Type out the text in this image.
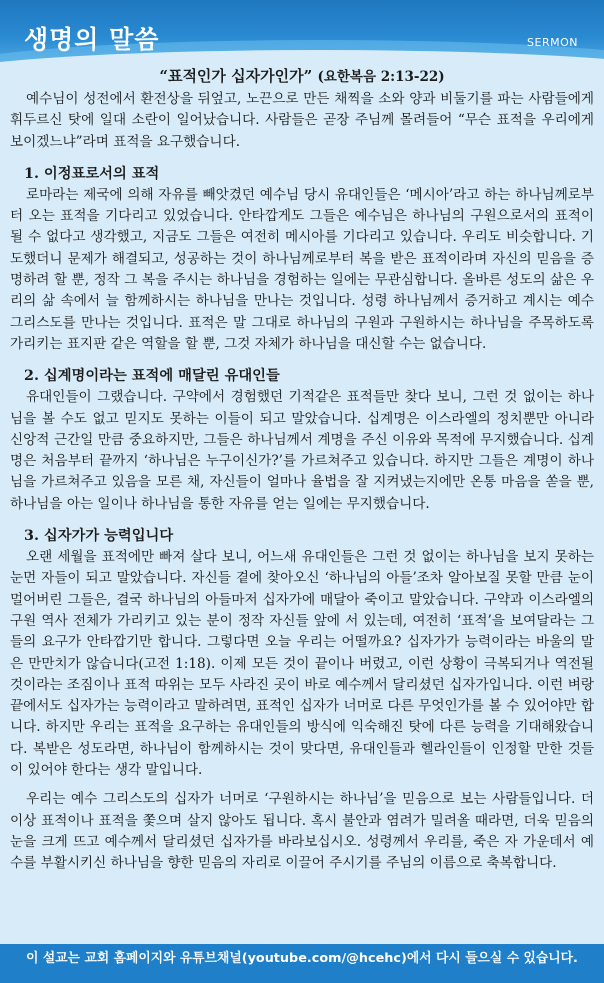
생명의 말씀	SERMON
“표적인가 십자가인가” (요한복음 2:13-22)

예수님이 성전에서 환전상을 뒤엎고, 노끈으로 만든 채찍을 소와 양과 비둘기를 파는 사람들에게 휘두르신 탓에 일대 소란이 일어났습니다. 사람들은 곧장 주님께 몰려들어 “무슨 표적을 우리에게 보이겠느냐”라며 표적을 요구했습니다.

1. 이정표로서의 표적

로마라는 제국에 의해 자유를 빼앗겼던 예수님 당시 유대인들은 ‘메시아’라고 하는 하나님께로부터 오는 표적을 기다리고 있었습니다. 안타깝게도 그들은 예수님은 하나님의 구원으로서의 표적이 될 수 없다고 생각했고, 지금도 그들은 여전히 메시아를 기다리고 있습니다. 우리도 비슷합니다. 기도했더니 문제가 해결되고, 성공하는 것이 하나님께로부터 복을 받은 표적이라며 자신의 믿음을 증명하려 할 뿐, 정작 그 복을 주시는 하나님을 경험하는 일에는 무관심합니다. 올바른 성도의 삶은 우리의 삶 속에서 늘 함께하시는 하나님을 만나는 것입니다. 성령 하나님께서 증거하고 계시는 예수 그리스도를 만나는 것입니다. 표적은 말 그대로 하나님의 구원과 구원하시는 하나님을 주목하도록 가리키는 표지판 같은 역할을 할 뿐, 그것 자체가 하나님을 대신할 수는 없습니다.

2. 십계명이라는 표적에 매달린 유대인들

유대인들이 그랬습니다. 구약에서 경험했던 기적같은 표적들만 찾다 보니, 그런 것 없이는 하나님을 볼 수도 없고 믿지도 못하는 이들이 되고 말았습니다. 십계명은 이스라엘의 정치뿐만 아니라 신앙적 근간일 만큼 중요하지만, 그들은 하나님께서 계명을 주신 이유와 목적에 무지했습니다. 십계명은 처음부터 끝까지 ‘하나님은 누구이신가?’를 가르쳐주고 있습니다. 하지만 그들은 계명이 하나님을 가르쳐주고 있음을 모른 채, 자신들이 얼마나 율법을 잘 지켜냈는지에만 온통 마음을 쏟을 뿐, 하나님을 아는 일이나 하나님을 통한 자유를 얻는 일에는 무지했습니다.

3. 십자가가 능력입니다

오랜 세월을 표적에만 빠져 살다 보니, 어느새 유대인들은 그런 것 없이는 하나님을 보지 못하는 눈먼 자들이 되고 말았습니다. 자신들 곁에 찾아오신 ‘하나님의 아들’조차 알아보질 못할 만큼 눈이 멀어버린 그들은, 결국 하나님의 아들마저 십자가에 매달아 죽이고 말았습니다. 구약과 이스라엘의 구원 역사 전체가 가리키고 있는 분이 정작 자신들 앞에 서 있는데, 여전히 ‘표적’을 보여달라는 그들의 요구가 안타깝기만 합니다. 그렇다면 오늘 우리는 어떨까요? 십자가가 능력이라는 바울의 말은 만만치가 않습니다(고전 1:18). 이제 모든 것이 끝이나 버렸고, 이런 상황이 극복되거나 역전될 것이라는 조짐이나 표적 따위는 모두 사라진 곳이 바로 예수께서 달리셨던 십자가입니다. 이런 벼랑 끝에서도 십자가는 능력이라고 말하려면, 표적인 십자가 너머로 다른 무엇인가를 볼 수 있어야만 합니다. 하지만 우리는 표적을 요구하는 유대인들의 방식에 익숙해진 탓에 다른 능력을 기대해왔습니다. 복받은 성도라면, 하나님이 함께하시는 것이 맞다면, 유대인들과 헬라인들이 인정할 만한 것들이 있어야 한다는 생각 말입니다.

우리는 예수 그리스도의 십자가 너머로 ‘구원하시는 하나님’을 믿음으로 보는 사람들입니다. 더 이상 표적이나 표적을 쫓으며 살지 않아도 됩니다. 혹시 불안과 염려가 밀려올 때라면, 더욱 믿음의 눈을 크게 뜨고 예수께서 달리셨던 십자가를 바라보십시오. 성령께서 우리를, 죽은 자 가운데서 예수를 부활시키신 하나님을 향한 믿음의 자리로 이끌어 주시기를 주님의 이름으로 축복합니다.

이 설교는 교회 홈페이지와 유튜브채널(youtube.com/@hcehc)에서 다시 들으실 수 있습니다.
